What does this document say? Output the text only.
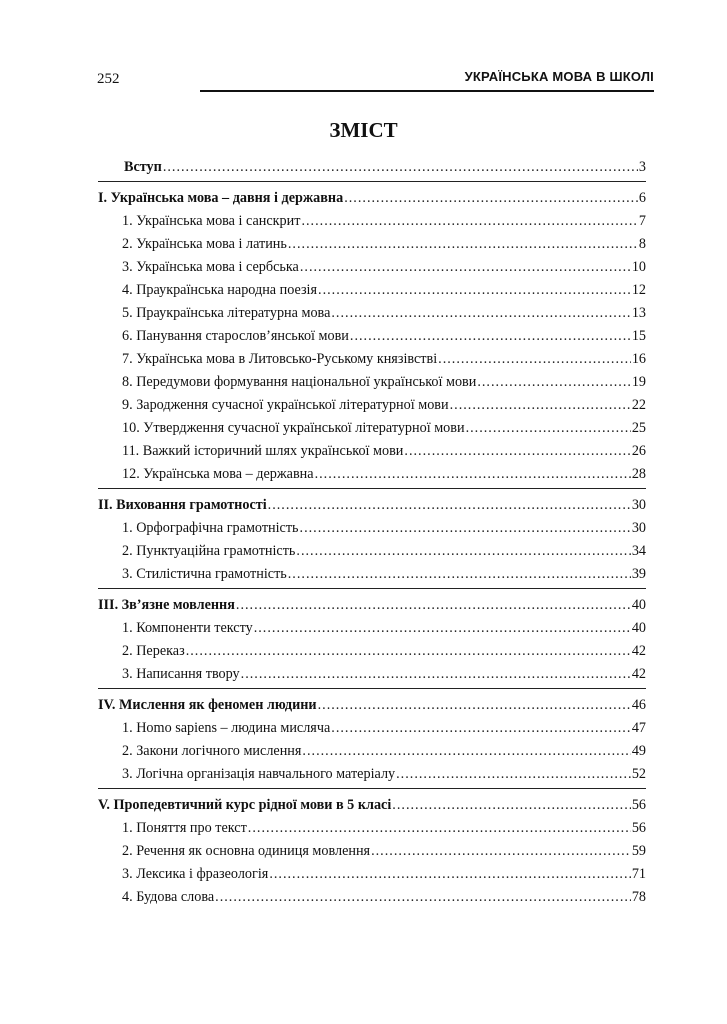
252	УКРАЇНСЬКА МОВА В ШКОЛІ
ЗМІСТ
Вступ .....	3
I. Українська мова – давня і державна .....	6
1. Українська мова і санскрит .....	7
2. Українська мова і латинь .....	8
3. Українська мова і сербська .....	10
4. Праукраїнська народна поезія .....	12
5. Праукраїнська літературна мова .....	13
6. Панування старослов’янської мови .....	15
7. Українська мова в Литовсько-Руському князівстві .....	16
8. Передумови формування національної української мови .....	19
9. Зародження сучасної української літературної мови .....	22
10. Утвердження сучасної української літературної мови .....	25
11. Важкий історичний шлях української мови .....	26
12. Українська мова – державна .....	28
II. Виховання грамотності .....	30
1. Орфографічна грамотність .....	30
2. Пунктуаційна грамотність .....	34
3. Стилістична грамотність .....	39
III. Зв’язне мовлення .....	40
1. Компоненти тексту .....	40
2. Переказ .....	42
3. Написання твору .....	42
IV. Мислення як феномен людини .....	46
1. Homo sapiens – людина мисляча .....	47
2. Закони логічного мислення .....	49
3. Логічна організація навчального матеріалу .....	52
V. Пропедевтичний курс рідної мови в 5 класі .....	56
1. Поняття про текст .....	56
2. Речення як основна одиниця мовлення .....	59
3. Лексика і фразеологія .....	71
4. Будова слова .....	78
